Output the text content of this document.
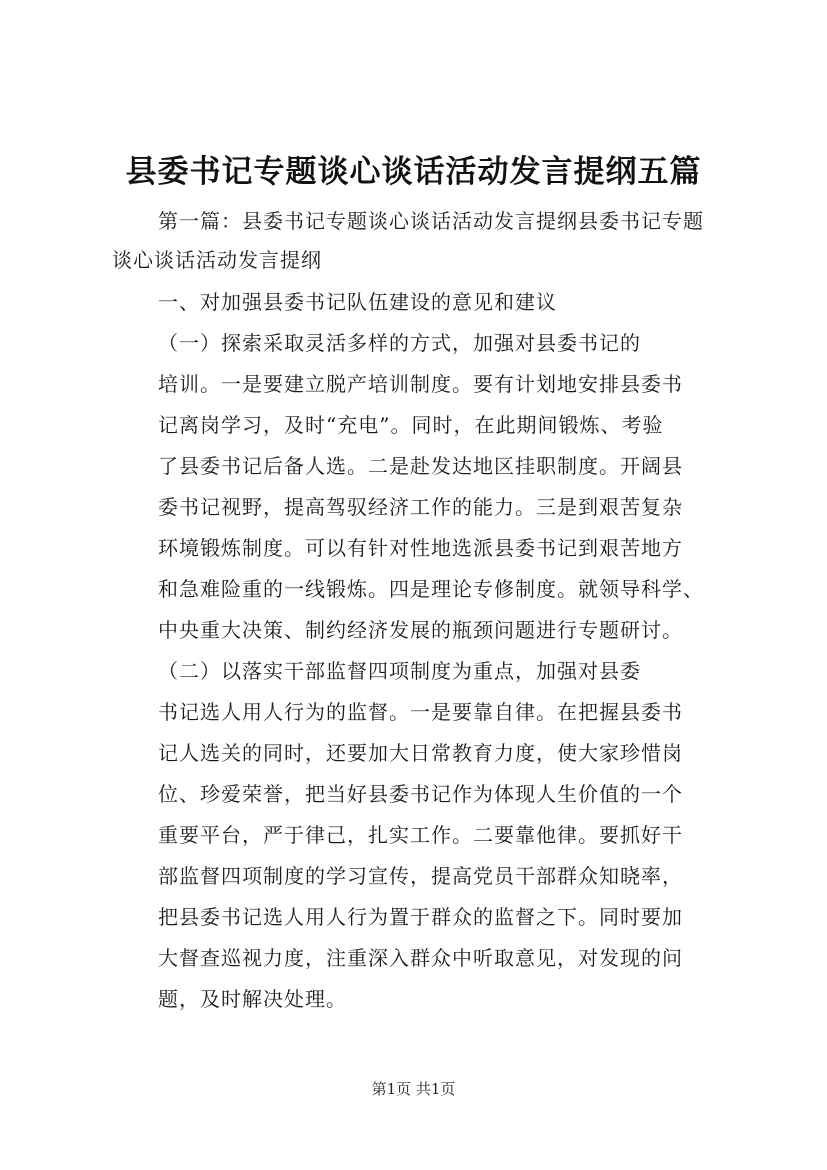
县委书记专题谈心谈话活动发言提纲五篇
第一篇：县委书记专题谈心谈话活动发言提纲县委书记专题
谈心谈话活动发言提纲
一、对加强县委书记队伍建设的意见和建议
（一）探索采取灵活多样的方式，加强对县委书记的
培训。一是要建立脱产培训制度。要有计划地安排县委书
记离岗学习，及时“充电”。同时，在此期间锻炼、考验
了县委书记后备人选。二是赴发达地区挂职制度。开阔县
委书记视野，提高驾驭经济工作的能力。三是到艰苦复杂
环境锻炼制度。可以有针对性地选派县委书记到艰苦地方
和急难险重的一线锻炼。四是理论专修制度。就领导科学、
中央重大决策、制约经济发展的瓶颈问题进行专题研讨。
（二）以落实干部监督四项制度为重点，加强对县委
书记选人用人行为的监督。一是要靠自律。在把握县委书
记人选关的同时，还要加大日常教育力度，使大家珍惜岗
位、珍爱荣誉，把当好县委书记作为体现人生价值的一个
重要平台，严于律己，扎实工作。二要靠他律。要抓好干
部监督四项制度的学习宣传，提高党员干部群众知晓率，
把县委书记选人用人行为置于群众的监督之下。同时要加
大督查巡视力度，注重深入群众中听取意见，对发现的问
题，及时解决处理。
第1页 共1页
